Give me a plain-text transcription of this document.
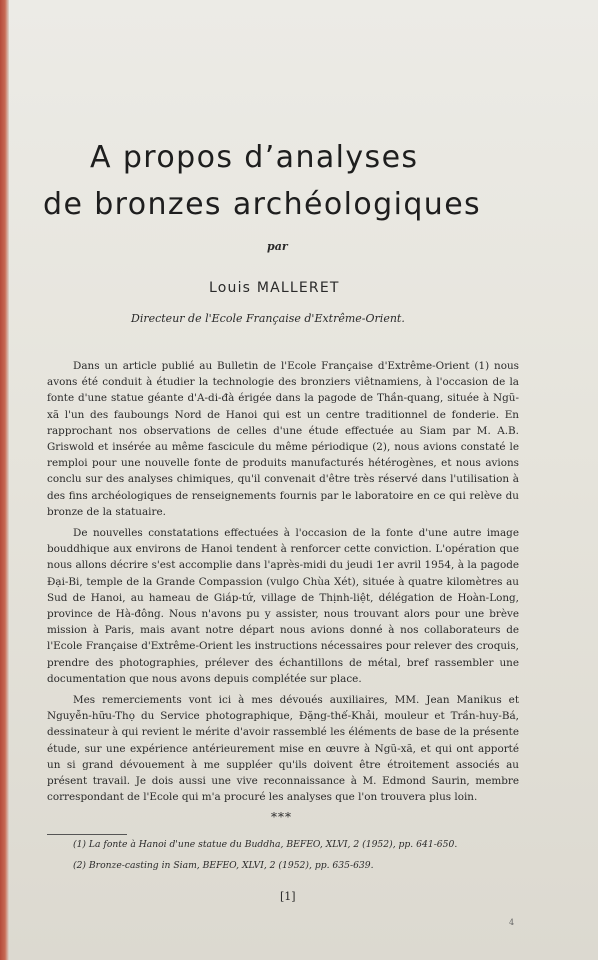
A propos d’analyses
de bronzes archéologiques
par
Louis MALLERET
Directeur de l'Ecole Française d'Extrême-Orient.

Dans un article publié au Bulletin de l'Ecole Française d'Extrême-Orient (1) nous avons été conduit à étudier la technologie des bronziers viêtnamiens, à l'occasion de la fonte d'une statue géante d'A-di-đà érigée dans la pagode de Thần-quang, située à Ngũ-xã l'un des fauboungs Nord de Hanoi qui est un centre traditionnel de fonderie. En rapprochant nos observations de celles d'une étude effectuée au Siam par M. A.B. Griswold et insérée au même fascicule du même périodique (2), nous avions constaté le remploi pour une nouvelle fonte de produits manufacturés hétérogènes, et nous avions conclu sur des analyses chimiques, qu'il convenait d'être très réservé dans l'utilisation à des fins archéologiques de renseignements fournis par le laboratoire en ce qui relève du bronze de la statuaire.

De nouvelles constatations effectuées à l'occasion de la fonte d'une autre image bouddhique aux environs de Hanoi tendent à renforcer cette conviction. L'opération que nous allons décrire s'est accomplie dans l'après-midi du jeudi 1er avril 1954, à la pagode Đại-Bi, temple de la Grande Compassion (vulgo Chùa Xét), située à quatre kilomètres au Sud de Hanoi, au hameau de Giáp-tứ, village de Thịnh-liệt, délégation de Hoàn-Long, province de Hà-đông. Nous n'avons pu y assister, nous trouvant alors pour une brève mission à Paris, mais avant notre départ nous avions donné à nos collaborateurs de l'Ecole Française d'Extrême-Orient les instructions nécessaires pour relever des croquis, prendre des photographies, prélever des échantillons de métal, bref rassembler une documentation que nous avons depuis complétée sur place.

Mes remerciements vont ici à mes dévoués auxiliaires, MM. Jean Manikus et Nguyễn-hữu-Thọ du Service photographique, Đặng-thế-Khải, mouleur et Trần-huy-Bá, dessinateur à qui revient le mérite d'avoir rassemblé les éléments de base de la présente étude, sur une expérience antérieurement mise en œuvre à Ngũ-xã, et qui ont apporté un si grand dévouement à me suppléer qu'ils doivent être étroitement associés au présent travail. Je dois aussi une vive reconnaissance à M. Edmond Saurin, membre correspondant de l'Ecole qui m'a procuré les analyses que l'on trouvera plus loin.

***
(1) La fonte à Hanoi d'une statue du Buddha, BEFEO, XLVI, 2 (1952), pp. 641-650.
(2) Bronze-casting in Siam, BEFEO, XLVI, 2 (1952), pp. 635-639.
[1]
4
